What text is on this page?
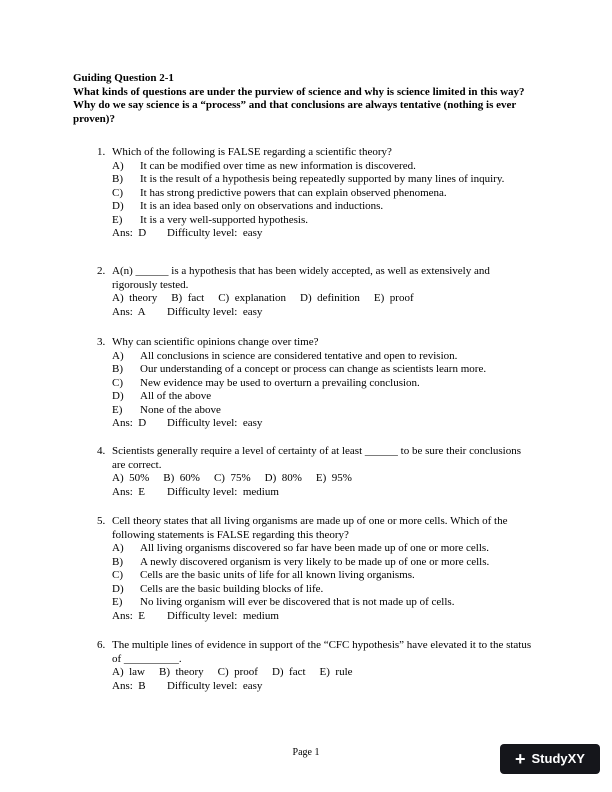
Guiding Question 2-1
What kinds of questions are under the purview of science and why is science limited in this way? Why do we say science is a “process” and that conclusions are always tentative (nothing is ever proven)?
1. Which of the following is FALSE regarding a scientific theory?
A)	It can be modified over time as new information is discovered.
B)	It is the result of a hypothesis being repeatedly supported by many lines of inquiry.
C)	It has strong predictive powers that can explain observed phenomena.
D)	It is an idea based only on observations and inductions.
E)	It is a very well-supported hypothesis.
Ans:  D Difficulty level:  easy
2. A(n) ______ is a hypothesis that has been widely accepted, as well as extensively and rigorously tested.
A)  theory B)  fact C)  explanation D)  definition E)  proof
Ans:  A Difficulty level:  easy
3. Why can scientific opinions change over time?
A)	All conclusions in science are considered tentative and open to revision.
B)	Our understanding of a concept or process can change as scientists learn more.
C)	New evidence may be used to overturn a prevailing conclusion.
D)	All of the above
E)	None of the above
Ans:  D Difficulty level:  easy
4. Scientists generally require a level of certainty of at least ______ to be sure their conclusions are correct.
A)  50% B)  60% C)  75% D)  80% E)  95%
Ans:  E Difficulty level:  medium
5. Cell theory states that all living organisms are made up of one or more cells. Which of the following statements is FALSE regarding this theory?
A)	All living organisms discovered so far have been made up of one or more cells.
B)	A newly discovered organism is very likely to be made up of one or more cells.
C)	Cells are the basic units of life for all known living organisms.
D)	Cells are the basic building blocks of life.
E)	No living organism will ever be discovered that is not made up of cells.
Ans:  E Difficulty level:  medium
6. The multiple lines of evidence in support of the “CFC hypothesis” have elevated it to the status of __________.
A)  law B)  theory C)  proof D)  fact E)  rule
Ans:  B Difficulty level:  easy
Page 1	+ StudyXY
